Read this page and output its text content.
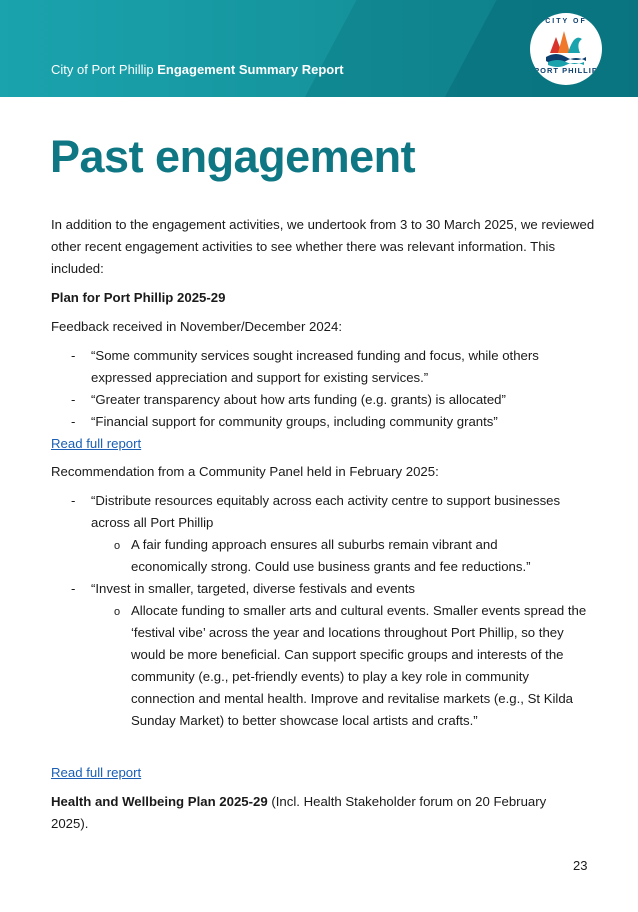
City of Port Phillip Engagement Summary Report
CITY OF
PORT PHILLIP
Past engagement
In addition to the engagement activities, we undertook from 3 to 30 March 2025, we reviewed other recent engagement activities to see whether there was relevant information. This included:
Plan for Port Phillip 2025-29
Feedback received in November/December 2024:
- “Some community services sought increased funding and focus, while others expressed appreciation and support for existing services.”
- “Greater transparency about how arts funding (e.g. grants) is allocated”
- “Financial support for community groups, including community grants”
Read full report
Recommendation from a Community Panel held in February 2025:
- “Distribute resources equitably across each activity centre to support businesses across all Port Phillip
o A fair funding approach ensures all suburbs remain vibrant and economically strong. Could use business grants and fee reductions.”
- “Invest in smaller, targeted, diverse festivals and events
o Allocate funding to smaller arts and cultural events. Smaller events spread the ‘festival vibe’ across the year and locations throughout Port Phillip, so they would be more beneficial. Can support specific groups and interests of the community (e.g., pet-friendly events) to play a key role in community connection and mental health. Improve and revitalise markets (e.g., St Kilda Sunday Market) to better showcase local artists and crafts.”
Read full report
Health and Wellbeing Plan 2025-29 (Incl. Health Stakeholder forum on 20 February 2025).
23
